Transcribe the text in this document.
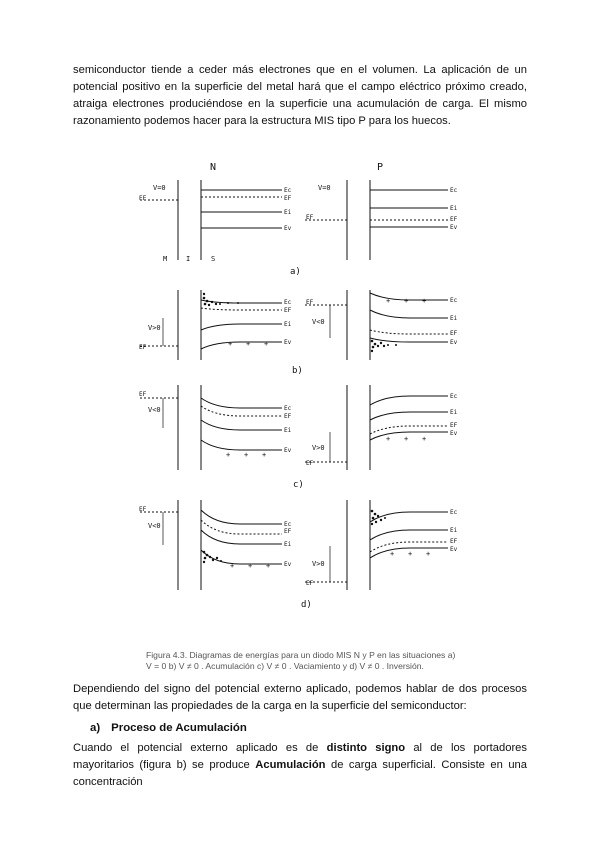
semiconductor tiende a ceder más electrones que en el volumen. La aplicación de un potencial positivo en la superficie del metal hará que el campo eléctrico próximo creado, atraiga electrones produciéndose en la superficie una acumulación de carga. El mismo razonamiento podemos hacer para la estructura MIS tipo P para los huecos.
N	P
V=0
EF
Ec
EF
Ei
Ev
M	I	S
V=0
EF
Ec
Ei
EF
Ev
a)
+ + +
V>0
EF
Ec
EF
Ei
Ev
+ + +
V<0
EF	Ec
Ei
EF
Ev
b)
+ + +
V<0
EF
Ec
EF
Ei
Ev
+ + +
V>0
EF
Ec
Ei
EF
Ev
c)
+ + +
V<0
EF
Ec
EF
Ei
Ev
+ + +
V>0
EF
Ec
Ei
EF
Ev
d)
Figura 4.3. Diagramas de energías para un diodo MIS N y P en las situaciones a)
V = 0 b) V ≠ 0 . Acumulación c) V ≠ 0 . Vaciamiento y d) V ≠ 0 . Inversión.
Dependiendo del signo del potencial externo aplicado, podemos hablar de dos procesos que determinan las propiedades de la carga en la superficie del semiconductor:
a) Proceso de Acumulación
Cuando el potencial externo aplicado es de distinto signo al de los portadores mayoritarios (figura b) se produce Acumulación de carga superficial. Consiste en una concentración
